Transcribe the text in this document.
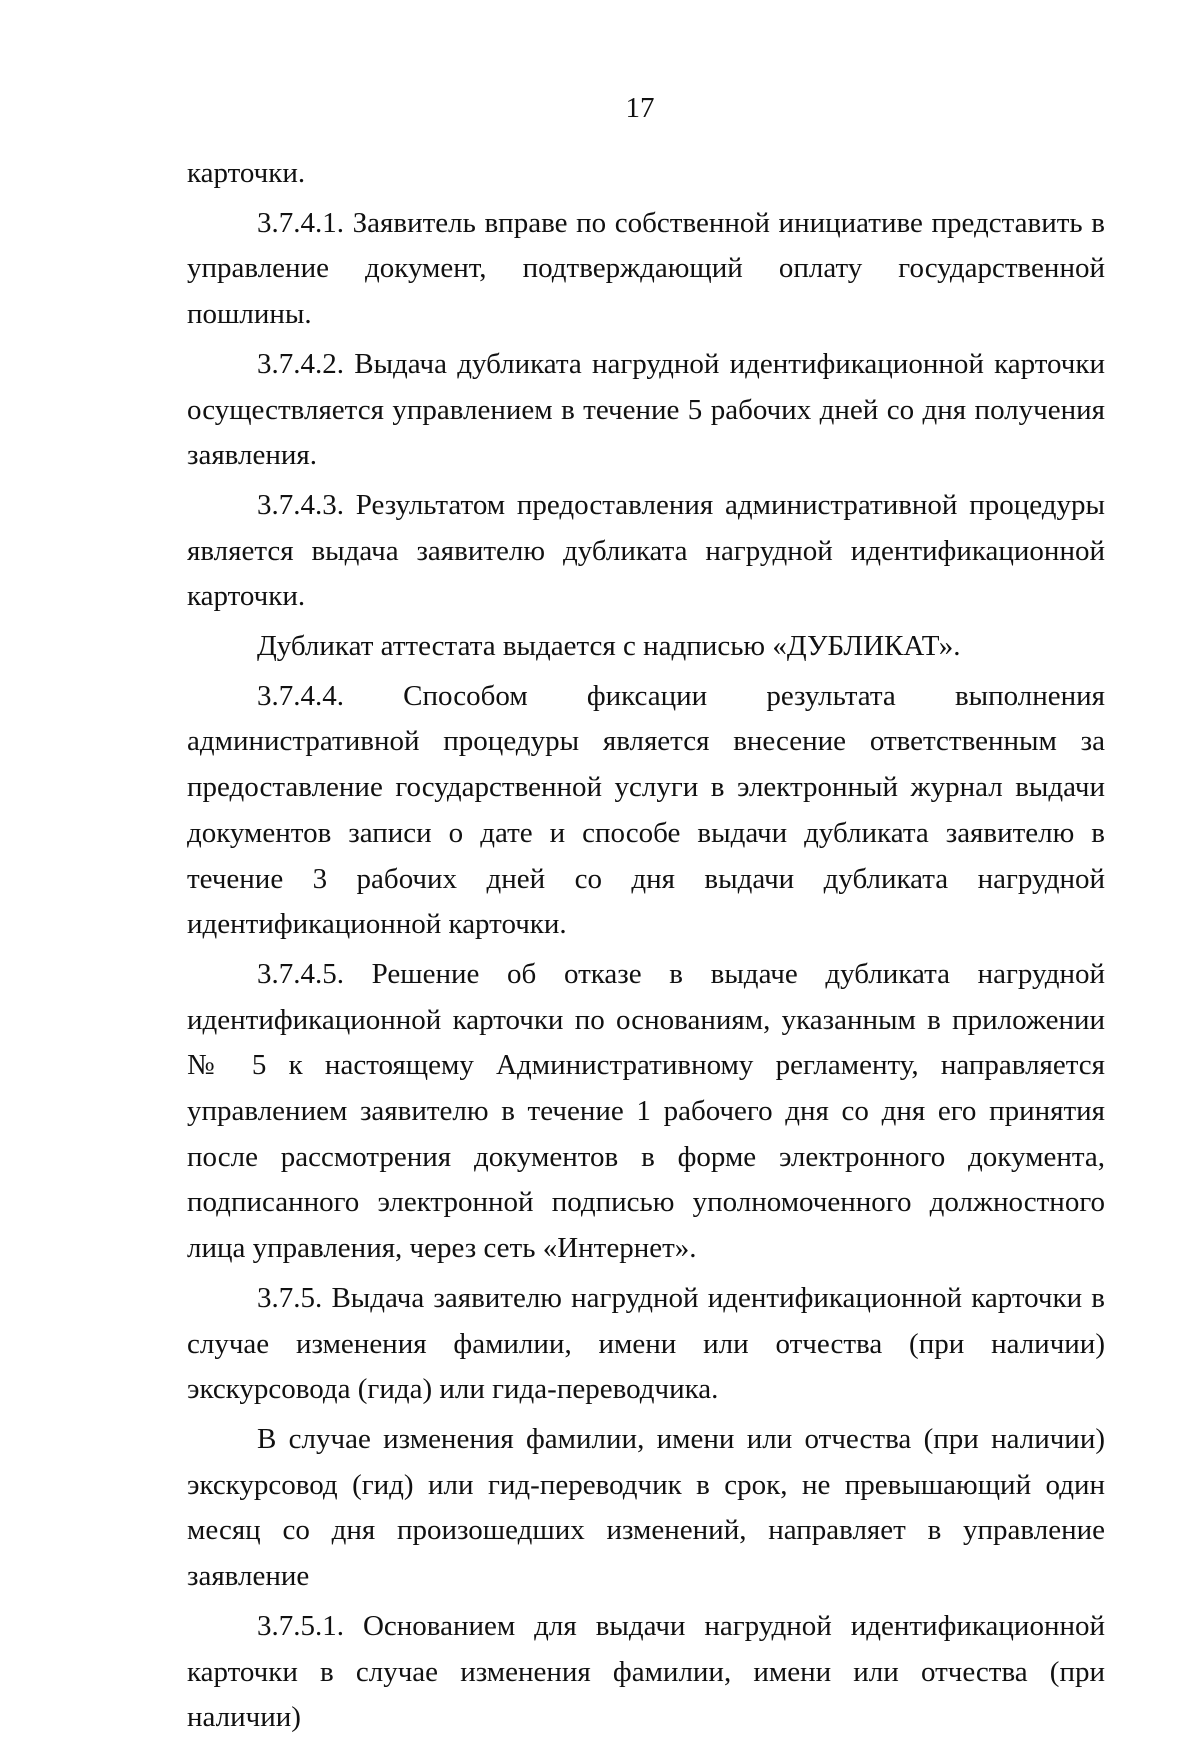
17

карточки.

3.7.4.1. Заявитель вправе по собственной инициативе представить в управление документ, подтверждающий оплату государственной пошлины.

3.7.4.2. Выдача дубликата нагрудной идентификационной карточки осуществляется управлением в течение 5 рабочих дней со дня получения заявления.

3.7.4.3. Результатом предоставления административной процедуры является выдача заявителю дубликата нагрудной идентификационной карточки.

Дубликат аттестата выдается с надписью «ДУБЛИКАТ».

3.7.4.4. Способом фиксации результата выполнения административной процедуры является внесение ответственным за предоставление государственной услуги в электронный журнал выдачи документов записи о дате и способе выдачи дубликата заявителю в течение 3 рабочих дней со дня выдачи дубликата нагрудной идентификационной карточки.

3.7.4.5. Решение об отказе в выдаче дубликата нагрудной идентификационной карточки по основаниям, указанным в приложении № 5 к настоящему Административному регламенту, направляется управлением заявителю в течение 1 рабочего дня со дня его принятия после рассмотрения документов в форме электронного документа, подписанного электронной подписью уполномоченного должностного лица управления, через сеть «Интернет».

3.7.5. Выдача заявителю нагрудной идентификационной карточки в случае изменения фамилии, имени или отчества (при наличии) экскурсовода (гида) или гида-переводчика.

В случае изменения фамилии, имени или отчества (при наличии) экскурсовод (гид) или гид-переводчик в срок, не превышающий один месяц со дня произошедших изменений, направляет в управление заявление

3.7.5.1. Основанием для выдачи нагрудной идентификационной карточки в случае изменения фамилии, имени или отчества (при наличии)
